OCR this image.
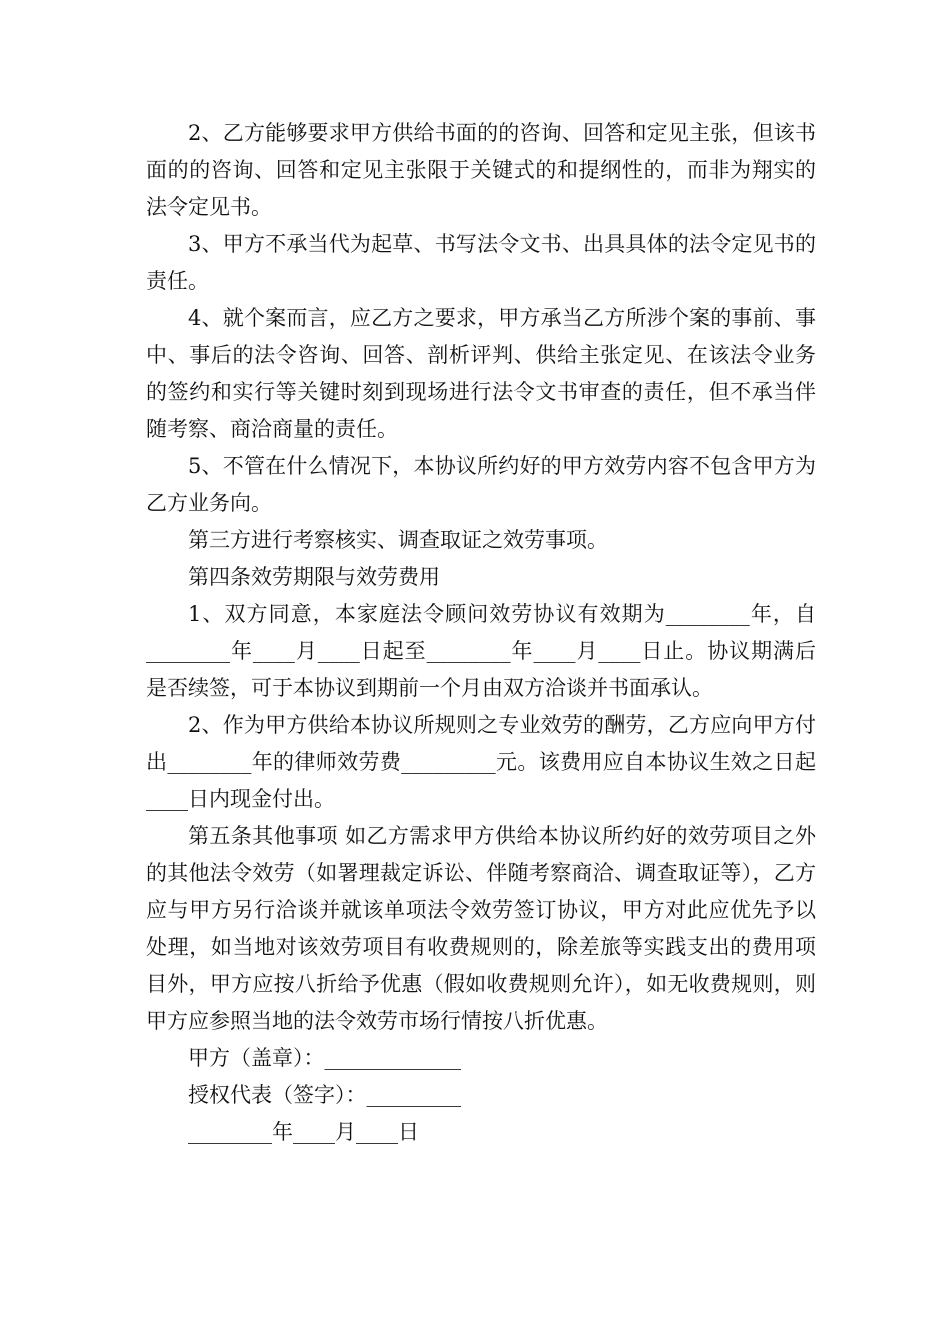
2、乙方能够要求甲方供给书面的的咨询、回答和定见主张，但该书面的的咨询、回答和定见主张限于关键式的和提纲性的，而非为翔实的法令定见书。

3、甲方不承当代为起草、书写法令文书、出具具体的法令定见书的责任。

4、就个案而言，应乙方之要求，甲方承当乙方所涉个案的事前、事中、事后的法令咨询、回答、剖析评判、供给主张定见、在该法令业务的签约和实行等关键时刻到现场进行法令文书审查的责任，但不承当伴随考察、商洽商量的责任。

5、不管在什么情况下，本协议所约好的甲方效劳内容不包含甲方为乙方业务向。

第三方进行考察核实、调查取证之效劳事项。

第四条效劳期限与效劳费用

1、双方同意，本家庭法令顾问效劳协议有效期为________年，自________年____月____日起至________年____月____日止。协议期满后是否续签，可于本协议到期前一个月由双方洽谈并书面承认。

2、作为甲方供给本协议所规则之专业效劳的酬劳，乙方应向甲方付出________年的律师效劳费_________元。该费用应自本协议生效之日起____日内现金付出。

第五条其他事项 如乙方需求甲方供给本协议所约好的效劳项目之外的其他法令效劳（如署理裁定诉讼、伴随考察商洽、调查取证等），乙方应与甲方另行洽谈并就该单项法令效劳签订协议，甲方对此应优先予以处理，如当地对该效劳项目有收费规则的，除差旅等实践支出的费用项目外，甲方应按八折给予优惠（假如收费规则允许），如无收费规则，则甲方应参照当地的法令效劳市场行情按八折优惠。

甲方（盖章）：_____________

授权代表（签字）：_________

________年____月____日
